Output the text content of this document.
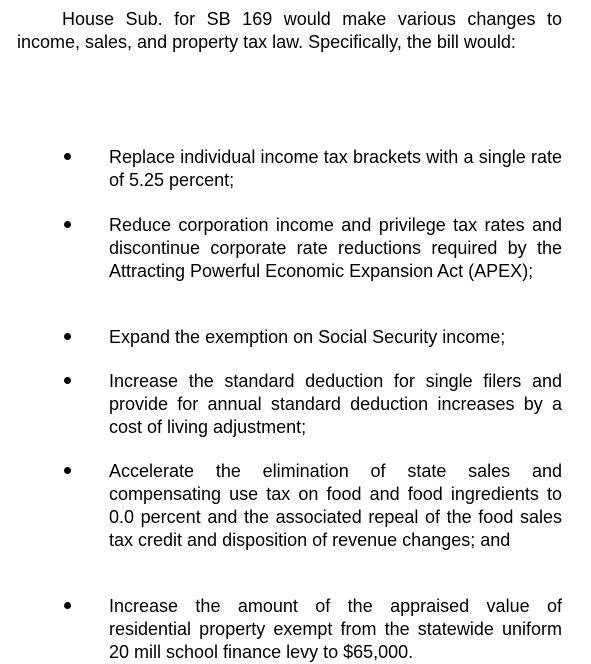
House Sub. for SB 169 would make various changes to income, sales, and property tax law. Specifically, the bill would:

Replace individual income tax brackets with a single rate of 5.25 percent;
Reduce corporation income and privilege tax rates and discontinue corporate rate reductions required by the Attracting Powerful Economic Expansion Act (APEX);
Expand the exemption on Social Security income;
Increase the standard deduction for single filers and provide for annual standard deduction increases by a cost of living adjustment;
Accelerate the elimination of state sales and compensating use tax on food and food ingredients to 0.0 percent and the associated repeal of the food sales tax credit and disposition of revenue changes; and
Increase the amount of the appraised value of residential property exempt from the statewide uniform 20 mill school finance levy to $65,000.
